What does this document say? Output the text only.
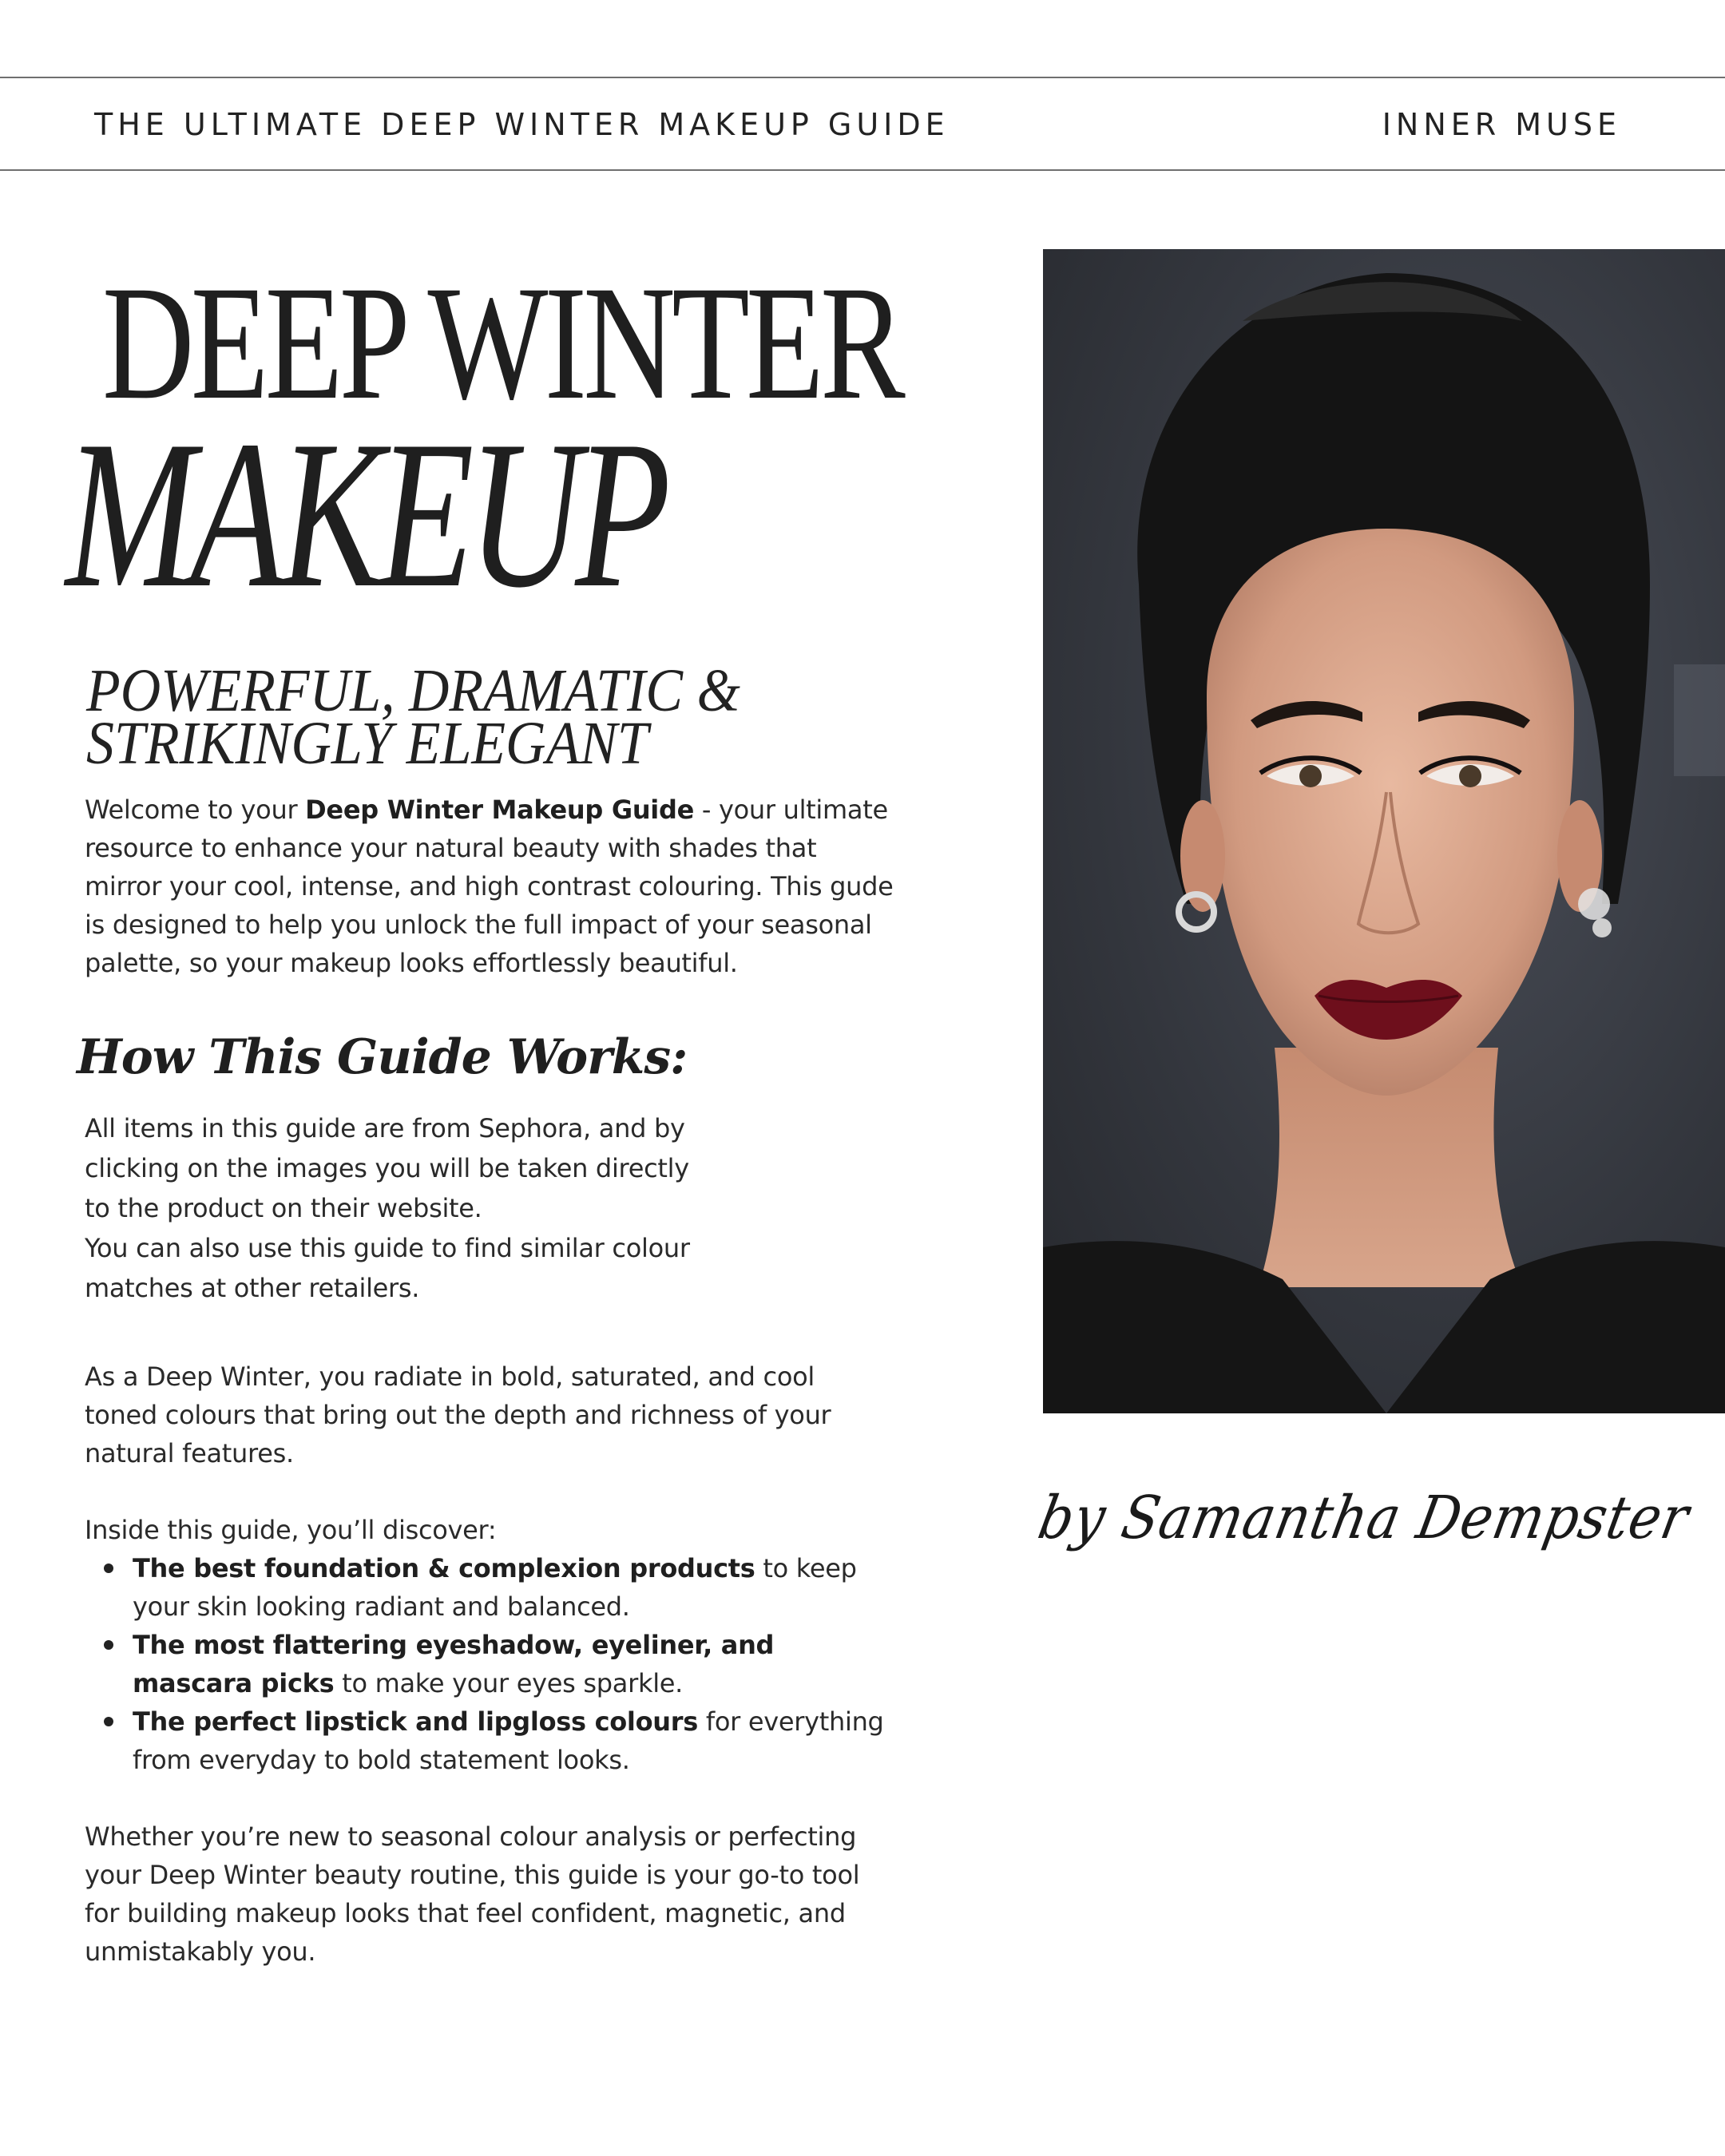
THE ULTIMATE DEEP WINTER MAKEUP GUIDE	INNER MUSE
DEEP WINTER
MAKEUP
POWERFUL, DRAMATIC &
STRIKINGLY ELEGANT

Welcome to your Deep Winter Makeup Guide - your ultimate
resource to enhance your natural beauty with shades that
mirror your cool, intense, and high contrast colouring. This gude
is designed to help you unlock the full impact of your seasonal
palette, so your makeup looks effortlessly beautiful.

How This Guide Works:

All items in this guide are from Sephora, and by
clicking on the images you will be taken directly
to the product on their website.
You can also use this guide to find similar colour
matches at other retailers.

As a Deep Winter, you radiate in bold, saturated, and cool
toned colours that bring out the depth and richness of your
natural features.

Inside this guide, you’ll discover:

The best foundation & complexion products to keep
your skin looking radiant and balanced.
The most flattering eyeshadow, eyeliner, and
mascara picks to make your eyes sparkle.
The perfect lipstick and lipgloss colours for everything
from everyday to bold statement looks.

Whether you’re new to seasonal colour analysis or perfecting
your Deep Winter beauty routine, this guide is your go-to tool
for building makeup looks that feel confident, magnetic, and
unmistakably you.

by Samantha Dempster
